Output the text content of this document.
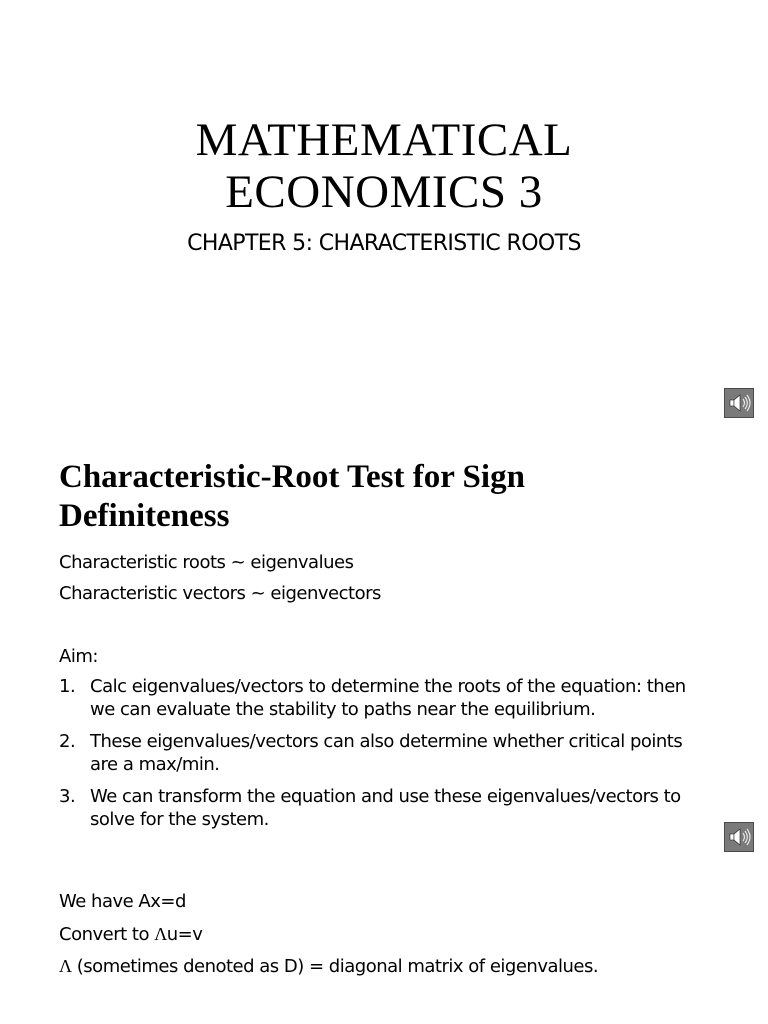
MATHEMATICAL
ECONOMICS 3
CHAPTER 5: CHARACTERISTIC ROOTS
Characteristic-Root Test for Sign
Definiteness
Characteristic roots ~ eigenvalues
Characteristic vectors ~ eigenvectors
Aim:
1. Calc eigenvalues/vectors to determine the roots of the equation: then we can evaluate the stability to paths near the equilibrium.
2. These eigenvalues/vectors can also determine whether critical points are a max/min.
3. We can transform the equation and use these eigenvalues/vectors to solve for the system.
We have Ax=d
Convert to Λu=v
Λ (sometimes denoted as D) = diagonal matrix of eigenvalues.
